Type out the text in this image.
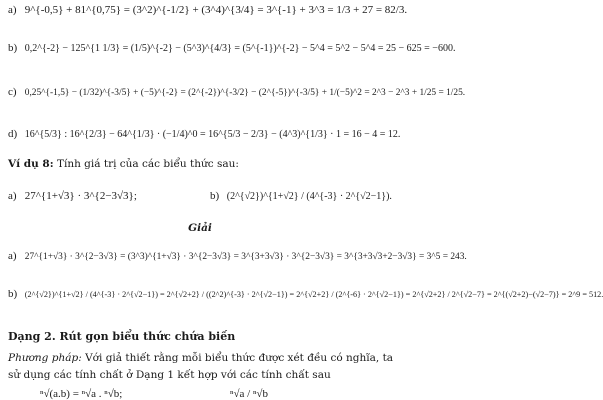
a) 9^{-0,5} + 81^{0,75} = (3^2)^{-1/2} + (3^4)^{3/4} = 3^{-1} + 3^3 = 1/3 + 27 = 82/3.
b) 0,2^{-2} − 125^{1 1/3} = (1/5)^{-2} − (5^3)^{4/3} = (5^{-1})^{-2} − 5^4 = 5^2 − 5^4 = 25 − 625 = −600.
c) 0,25^{-1,5} − (1/32)^{-3/5} + (−5)^{-2} = (2^{-2})^{-3/2} − (2^{-5})^{-3/5} + 1/(−5)^2 = 2^3 − 2^3 + 1/25 = 1/25.
d) 16^{5/3} : 16^{2/3} − 64^{1/3} · (−1/4)^0 = 16^{5/3 − 2/3} − (4^3)^{1/3} · 1 = 16 − 4 = 12.
Ví dụ 8: Tính giá trị của các biểu thức sau:
a) 27^{1+√3} · 3^{2−3√3};	b) (2^{√2})^{1+√2} / (4^{-3} · 2^{√2−1}).
Giải
a) 27^{1+√3} · 3^{2−3√3} = (3^3)^{1+√3} · 3^{2−3√3} = 3^{3+3√3} · 3^{2−3√3} = 3^{3+3√3+2−3√3} = 3^5 = 243.
b) (2^{√2})^{1+√2} / (4^{-3} · 2^{√2−1}) = 2^{√2+2} / ((2^2)^{-3} · 2^{√2−1}) = 2^{√2+2} / (2^{-6} · 2^{√2−1}) = 2^{√2+2} / 2^{√2−7} = 2^{(√2+2)−(√2−7)} = 2^9 = 512.
Dạng 2. Rút gọn biểu thức chứa biến
Phương pháp: Với giả thiết rằng mỗi biểu thức được xét đều có nghĩa, ta sử dụng các tính chất ở Dạng 1 kết hợp với các tính chất sau
ⁿ√(a.b) = ⁿ√a . ⁿ√b;	ⁿ√a / ⁿ√b
